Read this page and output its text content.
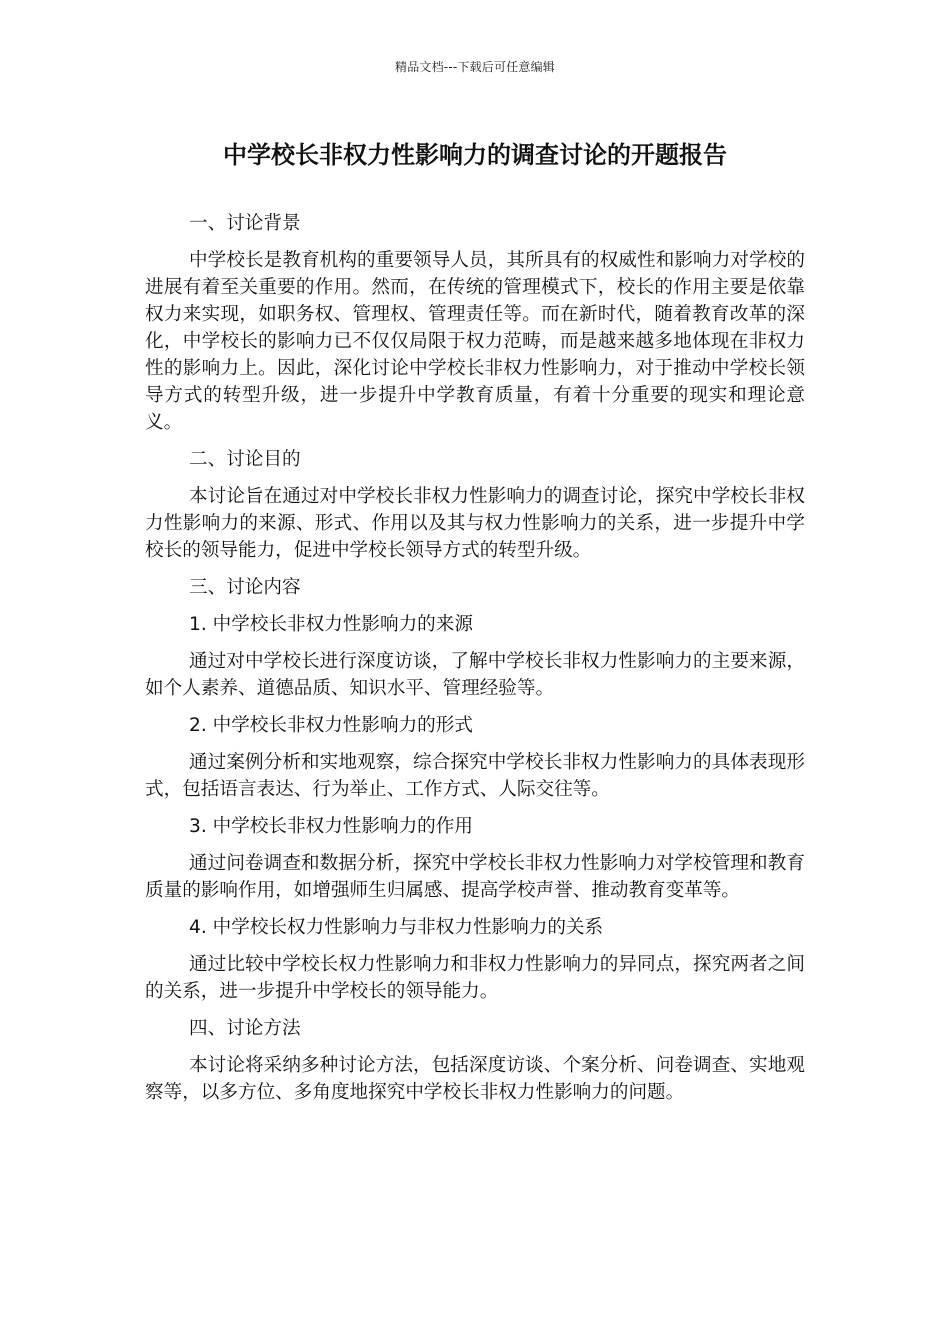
精品文档---下载后可任意编辑
中学校长非权力性影响力的调查讨论的开题报告
一、讨论背景
中学校长是教育机构的重要领导人员，其所具有的权威性和影响力对学校的进展有着至关重要的作用。然而，在传统的管理模式下，校长的作用主要是依靠权力来实现，如职务权、管理权、管理责任等。而在新时代，随着教育改革的深化，中学校长的影响力已不仅仅局限于权力范畴，而是越来越多地体现在非权力性的影响力上。因此，深化讨论中学校长非权力性影响力，对于推动中学校长领导方式的转型升级，进一步提升中学教育质量，有着十分重要的现实和理论意义。
二、讨论目的
本讨论旨在通过对中学校长非权力性影响力的调查讨论，探究中学校长非权力性影响力的来源、形式、作用以及其与权力性影响力的关系，进一步提升中学校长的领导能力，促进中学校长领导方式的转型升级。
三、讨论内容
1. 中学校长非权力性影响力的来源
通过对中学校长进行深度访谈，了解中学校长非权力性影响力的主要来源，如个人素养、道德品质、知识水平、管理经验等。
2. 中学校长非权力性影响力的形式
通过案例分析和实地观察，综合探究中学校长非权力性影响力的具体表现形式，包括语言表达、行为举止、工作方式、人际交往等。
3. 中学校长非权力性影响力的作用
通过问卷调查和数据分析，探究中学校长非权力性影响力对学校管理和教育质量的影响作用，如增强师生归属感、提高学校声誉、推动教育变革等。
4. 中学校长权力性影响力与非权力性影响力的关系
通过比较中学校长权力性影响力和非权力性影响力的异同点，探究两者之间的关系，进一步提升中学校长的领导能力。
四、讨论方法
本讨论将采纳多种讨论方法，包括深度访谈、个案分析、问卷调查、实地观察等，以多方位、多角度地探究中学校长非权力性影响力的问题。
